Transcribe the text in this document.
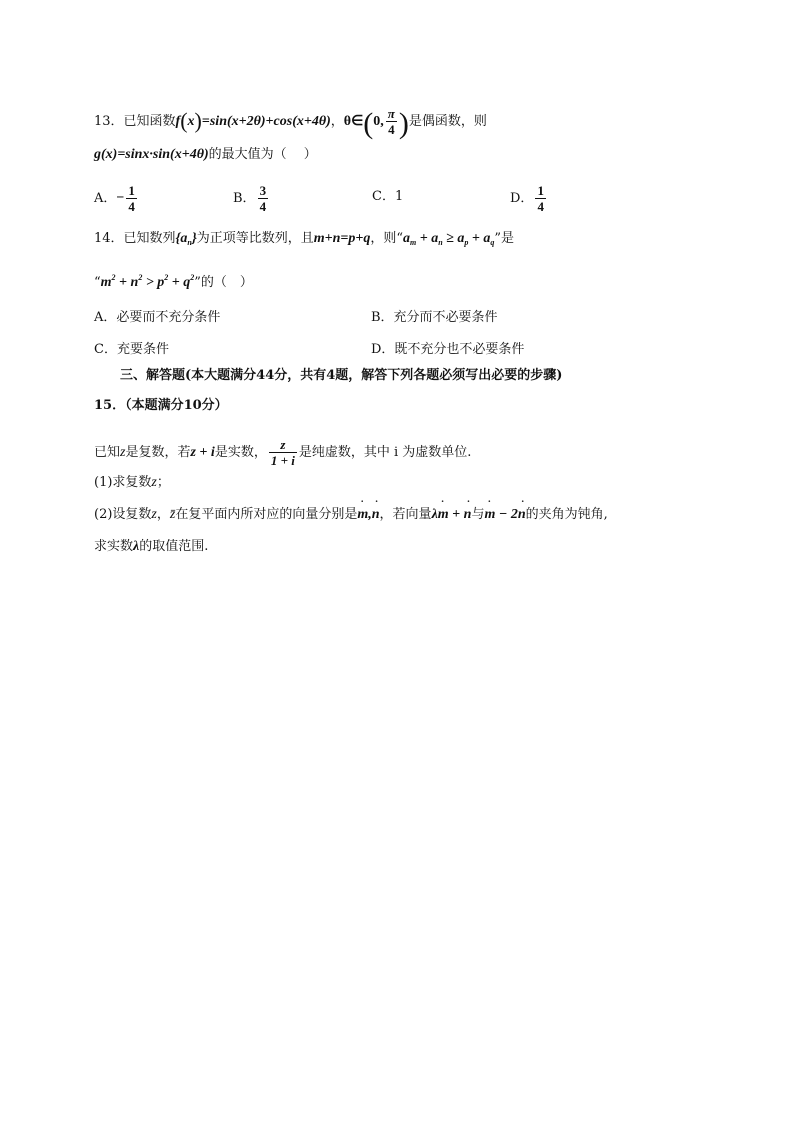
13．已知函数f(x)=sin(x+2θ)+cos(x+4θ)，θ∈(0, $\frac{\pi}{4}$ )是偶函数，则
g(x)=sinx·sin(x+4θ)的最大值为（　 ）
A．− $\frac{1}{4}$	B． $\frac{3}{4}$	C．1	D． $\frac{1}{4}$
14．已知数列$\{a_n\}$为正项等比数列，且m+n=p+q，则“$a_m + a_n \ge a_p + a_q$”是
“$m^2 + n^2 > p^2 + q^2$”的（　）
A．必要而不充分条件	B．充分而不必要条件
C．充要条件	D．既不充分也不必要条件
三、解答题(本大题满分44分，共有4题，解答下列各题必须写出必要的步骤)
15．（本题满分10分）
已知z是复数，若z + i是实数， $\frac{z}{1 + i}$ 是纯虚数，其中 i 为虚数单位.
(1)求复数z；
(2)设复数z，z̄在复平面内所对应的向量分别是˙ m,˙ n，若向量λ˙ m + ˙ n与˙ m − 2˙ n的夹角为钝角,
求实数λ的取值范围.
